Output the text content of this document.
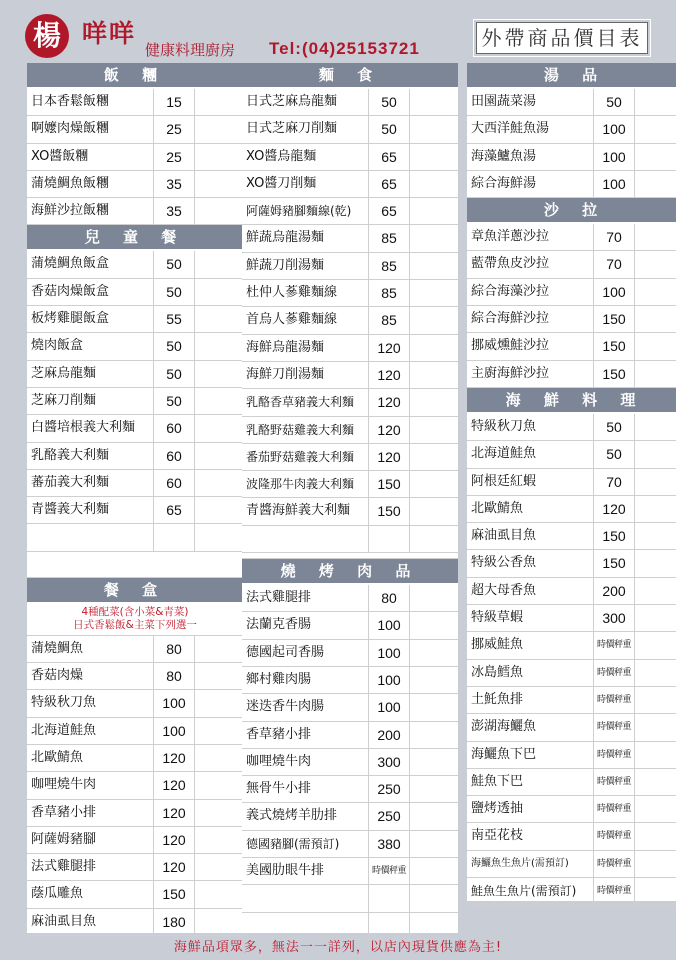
楊 咩咩
健康料理廚房 Tel:(04)25153721	外帶商品價目表
飯 糰
日本香鬆飯糰	15
啊嬤肉燥飯糰	25
XO醬飯糰	25
蒲燒鯛魚飯糰	35
海鮮沙拉飯糰	35
兒 童 餐
蒲燒鯛魚飯盒	50
香菇肉燥飯盒	50
板烤雞腿飯盒	55
燒肉飯盒	50
芝麻烏龍麵	50
芝麻刀削麵	50
白醬培根義大利麵	60
乳酪義大利麵	60
蕃茄義大利麵	60
青醬義大利麵	65
餐 盒
4種配菜(含小菜&青菜)
日式香鬆飯&主菜下列選一
蒲燒鯛魚	80
香菇肉燥	80
特級秋刀魚	100
北海道鮭魚	100
北歐鯖魚	120
咖哩燒牛肉	120
香草豬小排	120
阿薩姆豬腳	120
法式雞腿排	120
蔭瓜雕魚	150
麻油虱目魚	180
麵 食
日式芝麻烏龍麵	50
日式芝麻刀削麵	50
XO醬烏龍麵	65
XO醬刀削麵	65
阿薩姆豬腳麵線(乾)	65
鮮蔬烏龍湯麵	85
鮮蔬刀削湯麵	85
杜仲人蔘雞麵線	85
首烏人蔘雞麵線	85
海鮮烏龍湯麵	120
海鮮刀削湯麵	120
乳酪香草豬義大利麵	120
乳酪野菇雞義大利麵	120
番茄野菇雞義大利麵	120
波隆那牛肉義大利麵	150
青醬海鮮義大利麵	150
燒 烤 肉 品
法式雞腿排	80
法蘭克香腸	100
德國起司香腸	100
鄉村雞肉腸	100
迷迭香牛肉腸	100
香草豬小排	200
咖哩燒牛肉	300
無骨牛小排	250
義式燒烤羊肋排	250
德國豬腳(需預訂)	380
美國肋眼牛排	時價秤重
湯 品
田園蔬菜湯	50
大西洋鮭魚湯	100
海藻鱸魚湯	100
綜合海鮮湯	100
沙 拉
章魚洋蔥沙拉	70
藍帶魚皮沙拉	70
綜合海藻沙拉	100
綜合海鮮沙拉	150
挪威燻鮭沙拉	150
主廚海鮮沙拉	150
海 鮮 料 理
特級秋刀魚	50
北海道鮭魚	50
阿根廷紅蝦	70
北歐鯖魚	120
麻油虱目魚	150
特級公香魚	150
超大母香魚	200
特級草蝦	300
挪威鮭魚	時價秤重
冰島鱈魚	時價秤重
土魠魚排	時價秤重
澎湖海鱺魚	時價秤重
海鱺魚下巴	時價秤重
鮭魚下巴	時價秤重
鹽烤透抽	時價秤重
南亞花枝	時價秤重
海鱺魚生魚片(需預訂)	時價秤重
鮭魚生魚片(需預訂)	時價秤重
海鮮品項眾多，無法一一詳列，以店內現貨供應為主!
